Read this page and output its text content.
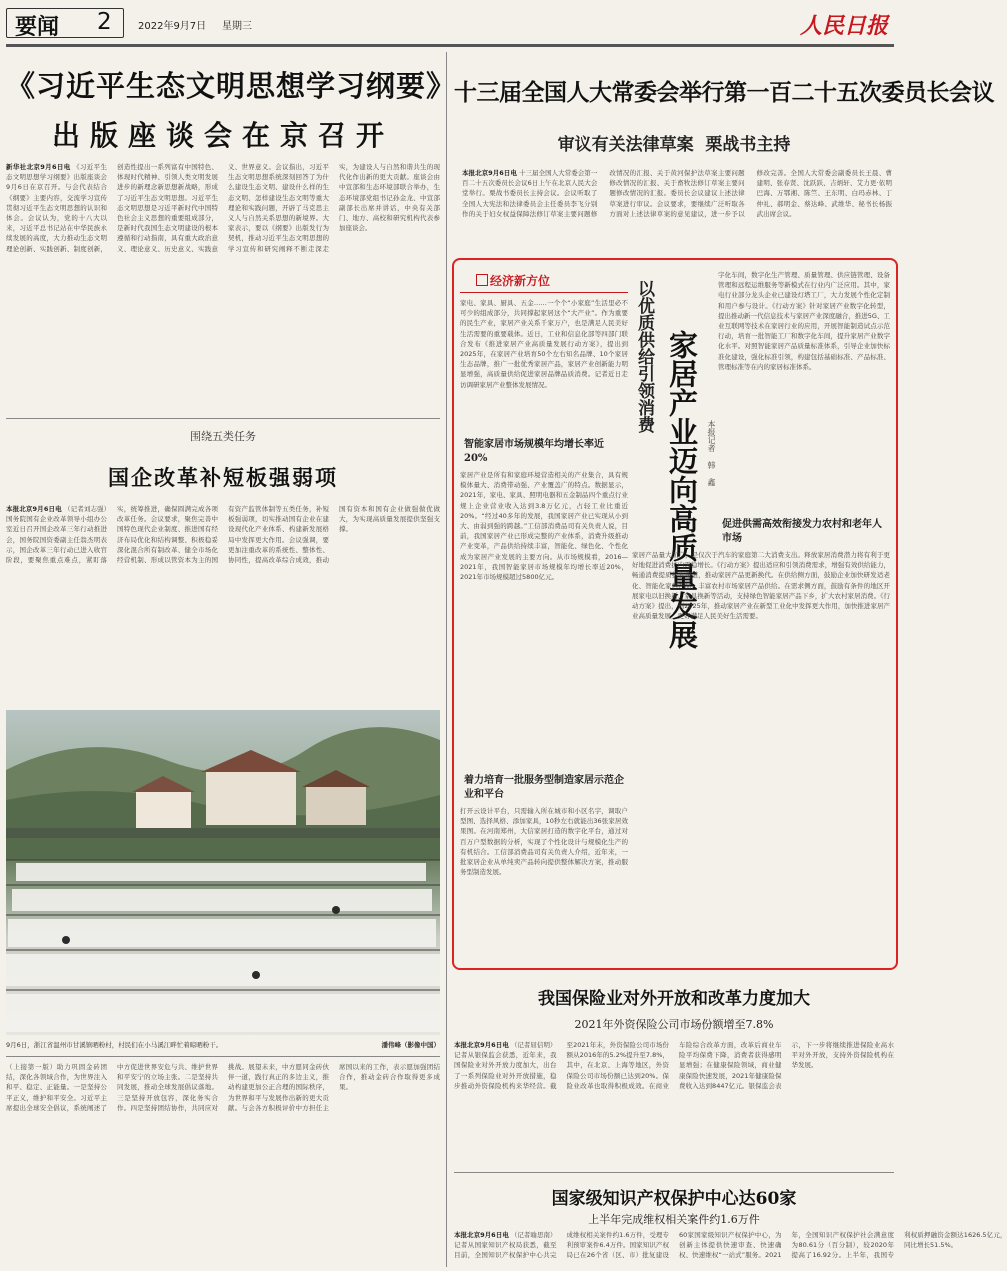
要闻 2	2022年9月7日 星期三	人民日报
《习近平生态文明思想学习纲要》
出版座谈会在京召开
新华社北京9月6日电 《习近平生态文明思想学习纲要》出版座谈会9月6日在京召开。与会代表结合《纲要》主要内容，交流学习宣传贯彻习近平生态文明思想的认识和体会。会议认为，党的十八大以来，习近平总书记站在中华民族永续发展的高度，大力推动生态文明理论创新、实践创新、制度创新，创造性提出一系列富有中国特色、体现时代精神、引领人类文明发展进步的新理念新思想新战略，形成了习近平生态文明思想。习近平生态文明思想是习近平新时代中国特色社会主义思想的重要组成部分，是新时代我国生态文明建设的根本遵循和行动指南，具有重大政治意义、理论意义、历史意义、实践意义、世界意义。会议指出，习近平生态文明思想系统深刻回答了为什么建设生态文明、建设什么样的生态文明、怎样建设生态文明等重大理论和实践问题，开辟了马克思主义人与自然关系思想的新境界。大家表示，要以《纲要》出版发行为契机，推动习近平生态文明思想的学习宣传和研究阐释不断走深走实，为建设人与自然和谐共生的现代化作出新的更大贡献。座谈会由中宣部和生态环境部联合举办，生态环境部党组书记孙金龙、中宣部副部长出席并讲话，中央有关部门、地方、高校和研究机构代表参加座谈会。
十三届全国人大常委会举行第一百二十五次委员长会议
审议有关法律草案  栗战书主持
本报北京9月6日电 十三届全国人大常委会第一百二十五次委员长会议6日上午在北京人民大会堂举行。栗战书委员长主持会议。会议听取了全国人大宪法和法律委员会主任委员李飞分别作的关于妇女权益保障法修订草案主要问题修改情况的汇报、关于黄河保护法草案主要问题修改情况的汇报、关于畜牧法修订草案主要问题修改情况的汇报。委员长会议建议上述法律草案进行审议。会议要求，要继续广泛听取各方面对上述法律草案的意见建议，进一步予以修改完善。全国人大常委会副委员长王晨、曹建明、张春贤、沈跃跃、吉炳轩、艾力更·依明巴海、万鄂湘、陈竺、王东明、白玛赤林、丁仲礼、郝明金、蔡达峰、武维华、秘书长杨振武出席会议。
围绕五类任务
国企改革补短板强弱项
本报北京9月6日电 （记者刘志强）国务院国有企业改革领导小组办公室近日召开国企改革三年行动推进会，国务院国资委副主任翁杰明表示，国企改革三年行动已进入收官阶段，要聚焦重点难点，紧盯落实，统筹推进，确保圆满完成各项改革任务。会议要求，聚焦完善中国特色现代企业制度、推进国有经济布局优化和结构调整、积极稳妥深化混合所有制改革、健全市场化经营机制、形成以管资本为主的国有资产监管体制等五类任务，补短板强弱项，切实推动国有企业在建设现代化产业体系、构建新发展格局中发挥更大作用。会议强调，要更加注重改革的系统性、整体性、协同性，提高改革综合成效，推动国有资本和国有企业做强做优做大，为实现高质量发展提供坚强支撑。
9月6日，浙江省温州市甘溪镇晒粉村，村民们在小马溪江畔忙着晾晒粉干。	潘伟峰（影像中国）
（上接第一版）助力巩固金砖团结，深化各领域合作，为世界注入和平、稳定、正能量。一是坚持公平正义，维护和平安全。习近平主席提出全球安全倡议，系统阐述了中方促进世界安危与共、维护世界和平安宁的立场主张。二是坚持共同发展，推动全球发展倡议落地。三是坚持开放包容，深化务实合作。四是坚持团结协作，共同应对挑战。展望未来，中方愿同金砖伙伴一道，践行真正的多边主义，推动构建更加公正合理的国际秩序，为世界和平与发展作出新的更大贡献。与会各方积极评价中方担任主席国以来的工作，表示愿加强团结合作，推动金砖合作取得更多成果。
经济新方位
家电、家具、厨具、五金……一个个“小家庭”生活里必不可少的组成部分，共同撑起家居这个“大产业”。作为重要的民生产业，家居产业关系千家万户，也是满足人民美好生活需要的重要载体。近日，工业和信息化部等四部门联合发布《推进家居产业高质量发展行动方案》，提出到2025年，在家居产业培育50个左右知名品牌、10个家居生态品牌，推广一批优秀家居产品，家居产业创新能力明显增强，高质量供给促进家居品牌品质消费。记者近日走访调研家居产业整体发展情况。
智能家居市场规模年均增长率近20%
家居产业是所有和家庭环境营造相关的产业集合，具有规模体量大、消费带动强、产业覆盖广的特点。数据显示，2021年，家电、家具、照明电器和五金制品四个重点行业规上企业营业收入达到3.8万亿元，占轻工业比重近20%。“经过40多年的发展，我国家居产业已实现从小到大、由弱到强的跨越。”工信部消费品司有关负责人说，目前，我国家居产业已形成完整的产业体系，消费升级推动产业变革，产品供给持续丰富，智能化、绿色化、个性化成为家居产业发展的主要方向。从市场规模看，2016—2021年，我国智能家居市场规模年均增长率近20%，2021年市场规模超过5800亿元。
着力培育一批服务型制造家居示范企业和平台
打开云设计平台，只需输入所在城市和小区名字，调取户型图、选择风格、添加家具，10秒左右就能出36张家居效果图。在河南郑州，大信家居打造的数字化平台，通过对百万户型数据的分析，实现了个性化设计与规模化生产的有机结合。工信部消费品司有关负责人介绍，近年来，一批家居企业从单纯卖产品转向提供整体解决方案，推动服务型制造发展。
以优质供给引领消费 家居产业迈向高质量发展	本报记者 韩 鑫
字化车间，数字化生产管理、质量管理、供应链管理、设备管理和远程运维服务等新模式在行业内广泛应用。其中，家电行业部分龙头企业已建设灯塔工厂，大力发展个性化定制和用户参与设计。《行动方案》针对家居产业数字化转型，提出推动新一代信息技术与家居产业深度融合，推进5G、工业互联网等技术在家居行业的应用，开展智能制造试点示范行动，培育一批智能工厂和数字化车间，提升家居产业数字化水平。对照智能家居产品质量标准体系，引导企业加快标准化建设，强化标准引领，构建包括基础标准、产品标准、管理标准等在内的家居标准体系。
促进供需高效衔接发力农村和老年人市场
家居产品量大面广，是仅次于汽车的家庭第二大消费支出。释放家居消费潜力将有利于更好地促进消费扩内需稳增长。《行动方案》提出适应和引领消费需求，增强有效供给能力，畅通消费提质扩容渠道，推动家居产品更新换代。在供给侧方面，鼓励企业加快研发适老化、智能化家居产品，丰富农村市场家居产品供给。在需求侧方面，鼓励有条件的地区开展家电以旧换新、家具换新等活动，支持绿色智能家居产品下乡，扩大农村家居消费。《行动方案》提出，到2025年，推动家居产业在新型工业化中发挥更大作用，加快推进家居产业高质量发展，更好满足人民美好生活需要。
我国保险业对外开放和改革力度加大
2021年外资保险公司市场份额增至7.8%
本报北京9月6日电 （记者屈信明）记者从银保监会获悉，近年来，我国保险业对外开放力度加大，出台了一系列保险业对外开放措施，稳步推动外资保险机构来华经营。截至2021年末，外资保险公司市场份额从2016年的5.2%提升至7.8%，其中，在北京、上海等地区，外资保险公司市场份额已达到20%。保险业改革也取得积极成效。在商业车险综合改革方面，改革后商业车险平均保费下降，消费者获得感明显增强；在健康保险领域，商业健康保险快速发展，2021年健康险保费收入达到8447亿元。银保监会表示，下一步将继续推进保险业高水平对外开放，支持外资保险机构在华发展。
国家级知识产权保护中心达60家
上半年完成维权相关案件约1.6万件
本报北京9月6日电 （记者喻思南）记者从国家知识产权局获悉，截至目前，全国知识产权保护中心共完成维权相关案件约1.6万件，受理专利预审案件6.4万件。国家知识产权局已在26个省（区、市）批复建设60家国家级知识产权保护中心，为创新主体提供快速审查、快速确权、快速维权“一站式”服务。2021年，全国知识产权保护社会满意度为80.61分（百分制），较2020年提高了16.92分。上半年，我国专利权质押融资金额达1626.5亿元，同比增长51.5%。
